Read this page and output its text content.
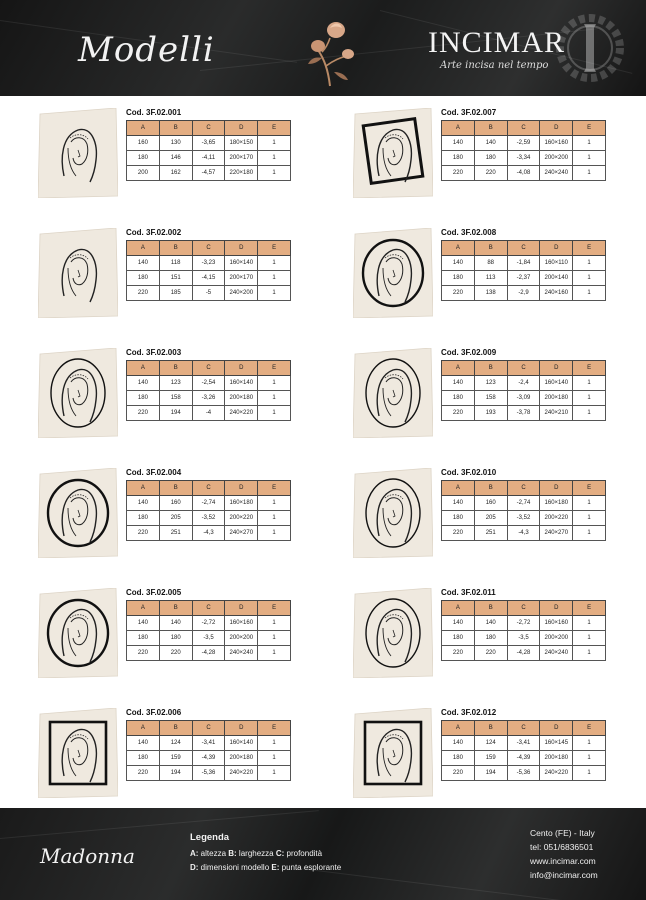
Modelli	INCIMAR
Arte incisa nel tempo
Cod. 3F.02.001
A	B	C	D	E
160	130	-3,65	180×150	1
180	146	-4,11	200×170	1
200	162	-4,57	220×180	1
Cod. 3F.02.007
A	B	C	D	E
140	140	-2,59	160×160	1
180	180	-3,34	200×200	1
220	220	-4,08	240×240	1
Cod. 3F.02.002
A	B	C	D	E
140	118	-3,23	160×140	1
180	151	-4,15	200×170	1
220	185	-5	240×200	1
Cod. 3F.02.008
A	B	C	D	E
140	88	-1,84	160×110	1
180	113	-2,37	200×140	1
220	138	-2,9	240×160	1
Cod. 3F.02.003
A	B	C	D	E
140	123	-2,54	160×140	1
180	158	-3,26	200×180	1
220	194	-4	240×220	1
Cod. 3F.02.009
A	B	C	D	E
140	123	-2,4	160×140	1
180	158	-3,09	200×180	1
220	193	-3,78	240×210	1
Cod. 3F.02.004
A	B	C	D	E
140	160	-2,74	160×180	1
180	205	-3,52	200×220	1
220	251	-4,3	240×270	1
Cod. 3F.02.010
A	B	C	D	E
140	160	-2,74	160×180	1
180	205	-3,52	200×220	1
220	251	-4,3	240×270	1
Cod. 3F.02.005
A	B	C	D	E
140	140	-2,72	160×160	1
180	180	-3,5	200×200	1
220	220	-4,28	240×240	1
Cod. 3F.02.011
A	B	C	D	E
140	140	-2,72	160×160	1
180	180	-3,5	200×200	1
220	220	-4,28	240×240	1
Cod. 3F.02.006
A	B	C	D	E
140	124	-3,41	160×140	1
180	159	-4,39	200×180	1
220	194	-5,36	240×220	1
Cod. 3F.02.012
A	B	C	D	E
140	124	-3,41	160×145	1
180	159	-4,39	200×180	1
220	194	-5,36	240×220	1
Madonna
Legenda
A: altezza B: larghezza C: profondità
D: dimensioni modello E: punta esplorante
Cento (FE) - Italy
tel: 051/6836501
www.incimar.com
info@incimar.com
